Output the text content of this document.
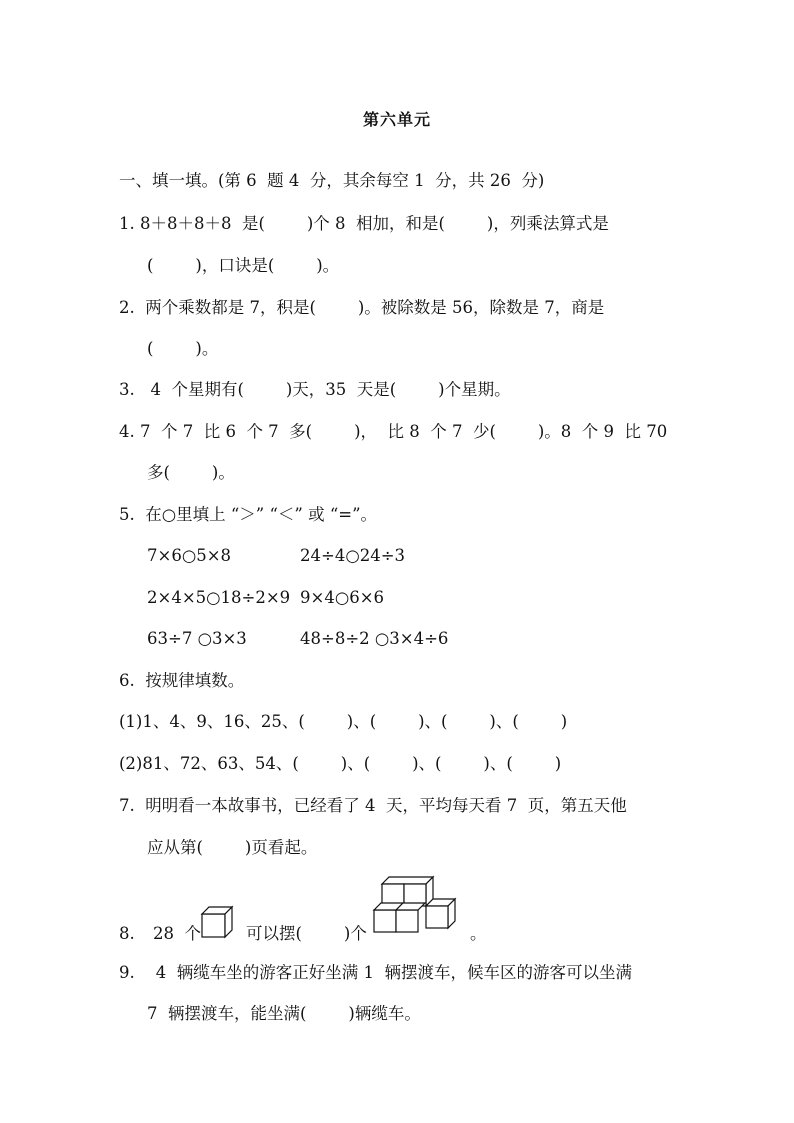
第六单元
一、填一填。(第 6  题 4  分，其余每空 1  分，共 26  分)
1. 8＋8＋8＋8  是(        )个 8  相加，和是(        )，列乘法算式是
(        )，口诀是(        )。
2.  两个乘数都是 7，积是(        )。被除数是 56，除数是 7，商是
(        )。
3.   4  个星期有(        )天，35  天是(        )个星期。
4. 7  个 7  比 6  个 7  多(        )，  比 8  个 7  少(        )。8  个 9  比 70
多(        )。
5.  在○里填上 “＞” “＜” 或 “=”。
7×6○5×8	24÷4○24÷3
2×4×5○18÷2×9 9×4○6×6
63÷7 ○3×3	48÷8÷2 ○3×4÷6
6.  按规律填数。
(1)1、4、9、16、25、(        )、(        )、(        )、(        )
(2)81、72、63、54、(        )、(        )、(        )、(        )
7.  明明看一本故事书，已经看了 4  天，平均每天看 7  页，第五天他
应从第(        )页看起。
8. 28  个	可以摆(        )个	。
9.    4  辆缆车坐的游客正好坐满 1  辆摆渡车，候车区的游客可以坐满
7  辆摆渡车，能坐满(        )辆缆车。
